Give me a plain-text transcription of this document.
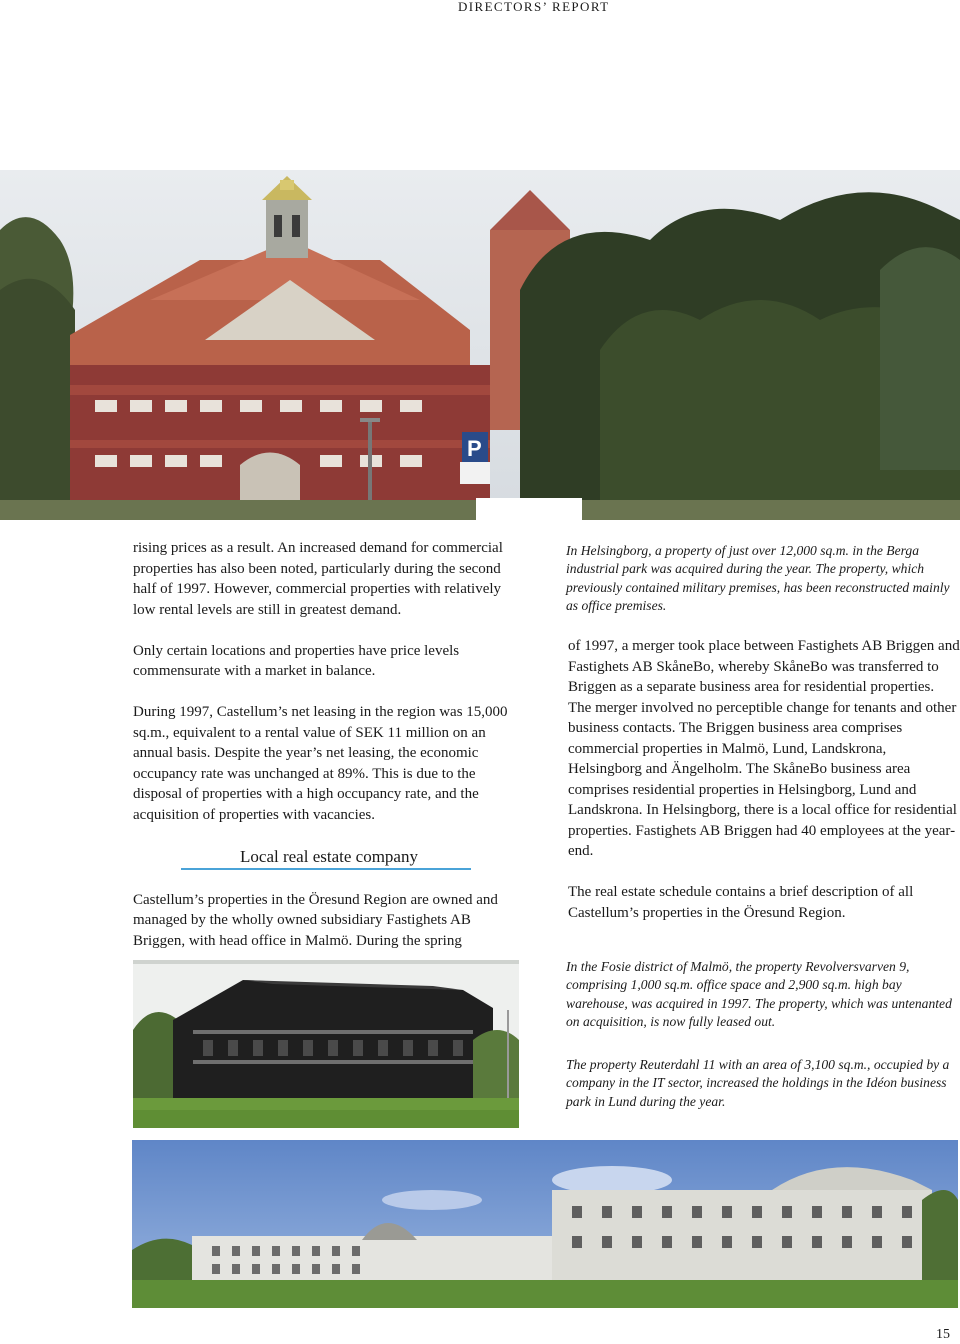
DIRECTORS’ REPORT
P

rising prices as a result. An increased demand for commercial properties has also been noted, particularly during the second half of 1997. However, commercial properties with relatively low rental levels are still in greatest demand.

Only certain locations and properties have price levels commensurate with a market in balance.

During 1997, Castellum’s net leasing in the region was 15,000 sq.m., equivalent to a rental value of SEK 11 million on an annual basis. Despite the year’s net leasing, the economic occupancy rate was unchanged at 89%. This is due to the disposal of properties with a high occupancy rate, and the acquisition of properties with vacancies.

Local real estate company

Castellum’s properties in the Öresund Region are owned and managed by the wholly owned subsidiary Fastighets AB Briggen, with head office in Malmö. During the spring

In Helsingborg, a property of just over 12,000 sq.m. in the Berga industrial park was acquired during the year. The property, which previously contained military premises, has been reconstructed mainly as office premises.

of 1997, a merger took place between Fastighets AB Briggen and Fastighets AB SkåneBo, whereby SkåneBo was transferred to Briggen as a separate business area for residential properties. The merger involved no perceptible change for tenants and other business contacts. The Briggen business area comprises commercial properties in Malmö, Lund, Landskrona, Helsingborg and Ängelholm. The SkåneBo business area comprises residential properties in Helsingborg, Lund and Landskrona. In Helsingborg, there is a local office for residential properties. Fastighets AB Briggen had 40 employees at the year-end.

The real estate schedule contains a brief description of all Castellum’s properties in the Öresund Region.

In the Fosie district of Malmö, the property Revolversvarven 9, comprising 1,000 sq.m. office space and 2,900 sq.m. high bay warehouse, was acquired in 1997. The property, which was untenanted on acquisition, is now fully leased out.
The property Reuterdahl 11 with an area of 3,100 sq.m., occupied by a company in the IT sector, increased the holdings in the Idéon business park in Lund during the year.
15
